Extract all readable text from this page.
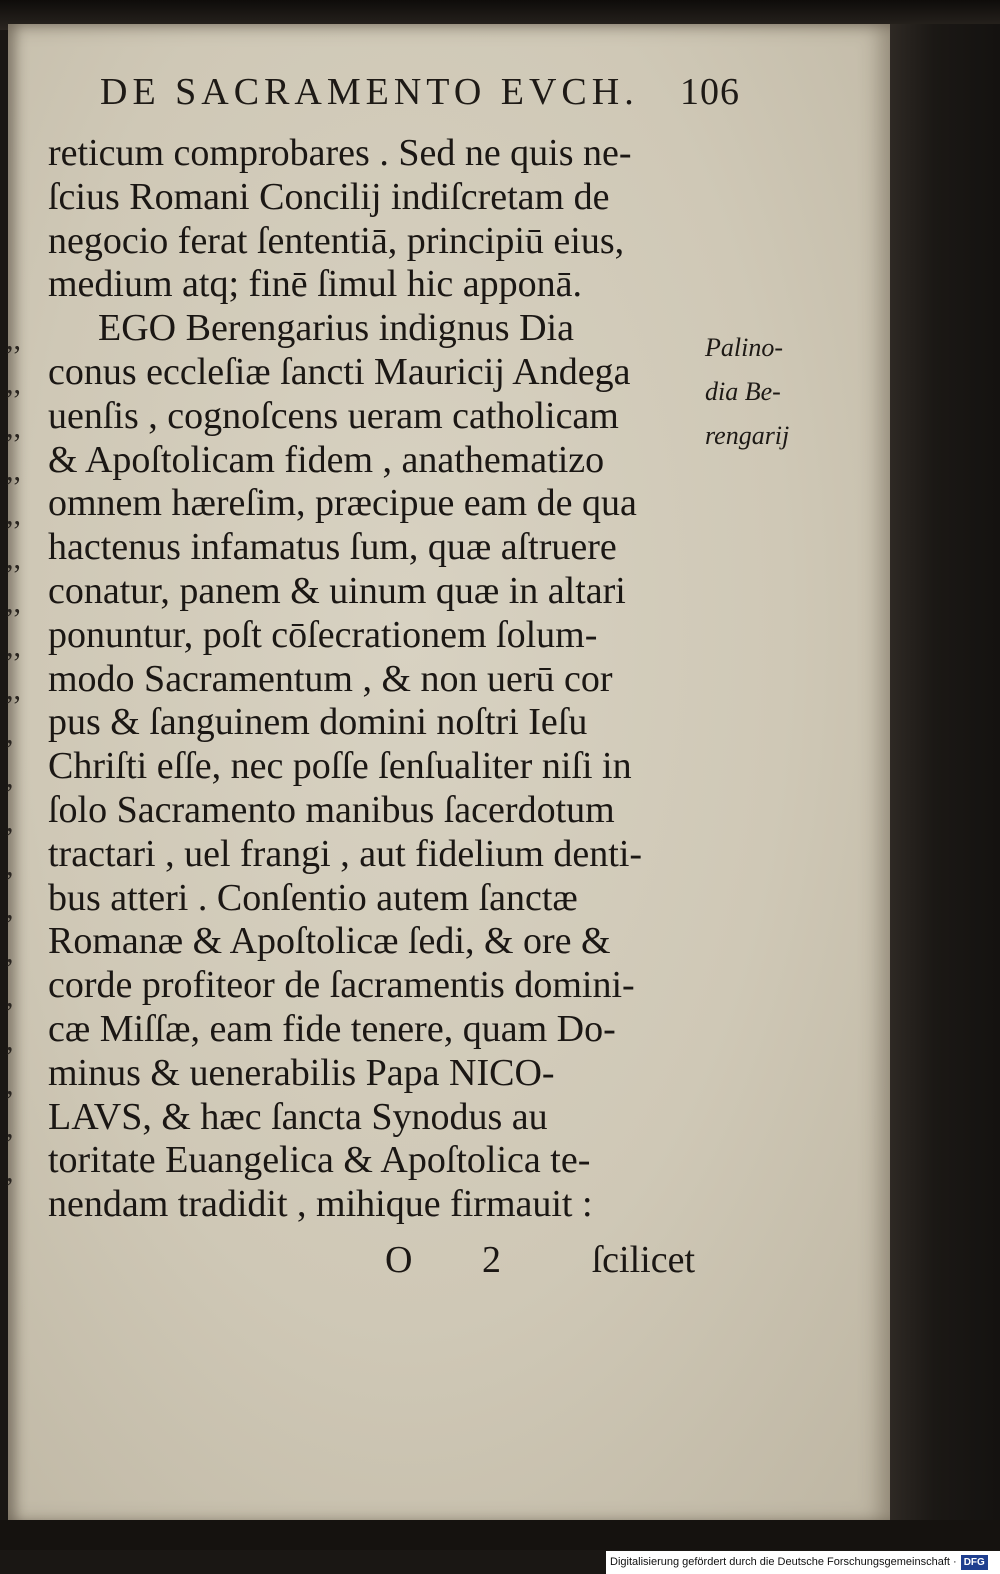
DE SACRAMENTO EVCH. 106
,,
,,
,,
,,
,,
,,
,,
,,
,,
,
,
,
,
,
,
,
,
,
,
,
reticum comprobares . Sed ne quis ne-
ſcius Romani Concilij indiſcretam de
negocio ferat ſententiā, principiū eius,
medium atq; finē ſimul hic apponā.
EGO Berengarius indignus Dia
conus eccleſiæ ſancti Mauricij Andega
uenſis , cognoſcens ueram catholicam
& Apoſtolicam fidem , anathematizo
omnem hæreſim, præcipue eam de qua
hactenus infamatus ſum, quæ aſtruere
conatur, panem & uinum quæ in altari
ponuntur, poſt cōſecrationem ſolum-
modo Sacramentum , & non uerū cor
pus & ſanguinem domini noſtri Ieſu
Chriſti eſſe, nec poſſe ſenſualiter niſi in
ſolo Sacramento manibus ſacerdotum
tractari , uel frangi , aut fidelium denti-
bus atteri . Conſentio autem ſanctæ
Romanæ & Apoſtolicæ ſedi, & ore &
corde profiteor de ſacramentis domini-
cæ Miſſæ, eam fide tenere, quam Do-
minus & uenerabilis Papa NICO-
LAVS, & hæc ſancta Synodus au
toritate Euangelica & Apoſtolica te-
nendam tradidit , mihique firmauit :
Palino-
dia Be-
rengarij
O 2 ſcilicet
Digitalisierung gefördert durch die Deutsche Forschungsgemeinschaft · DFG
